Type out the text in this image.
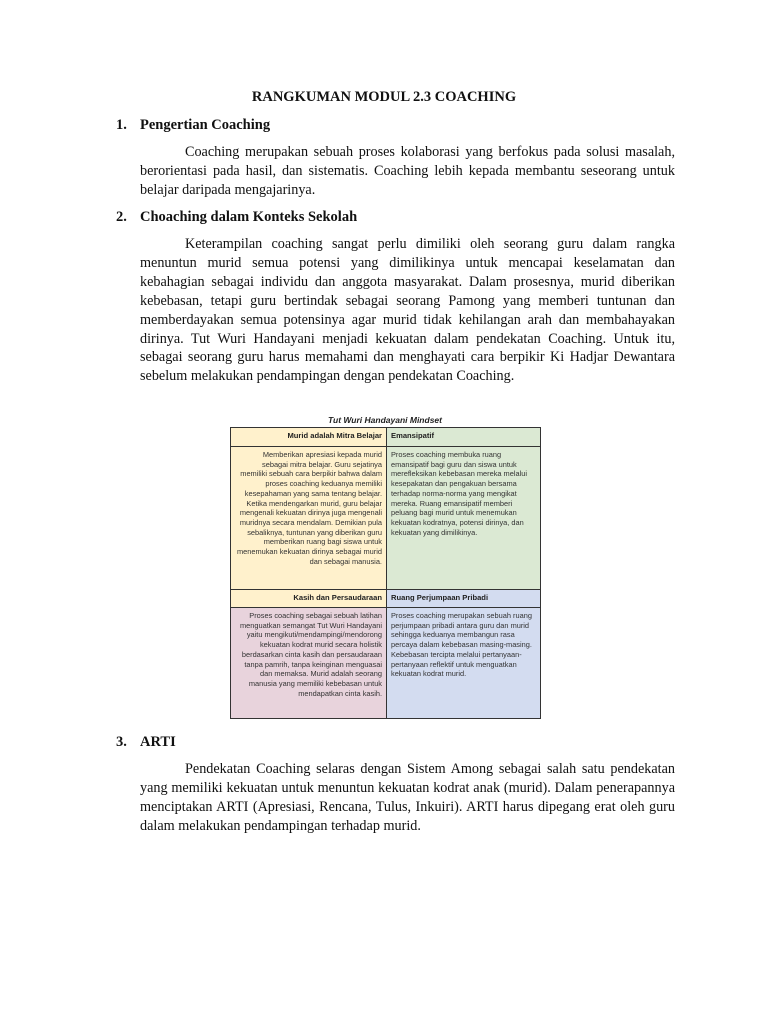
RANGKUMAN MODUL 2.3 COACHING
1. Pengertian Coaching
Coaching merupakan sebuah proses kolaborasi yang berfokus pada solusi masalah, berorientasi pada hasil, dan sistematis. Coaching lebih kepada membantu seseorang untuk belajar daripada mengajarinya.
2. Choaching dalam Konteks Sekolah
Keterampilan coaching sangat perlu dimiliki oleh seorang guru dalam rangka menuntun murid semua potensi yang dimilikinya untuk mencapai keselamatan dan kebahagian sebagai individu dan anggota masyarakat. Dalam prosesnya, murid diberikan kebebasan, tetapi guru bertindak sebagai seorang Pamong yang memberi tuntunan dan memberdayakan semua potensinya agar murid tidak kehilangan arah dan membahayakan dirinya. Tut Wuri Handayani menjadi kekuatan dalam pendekatan Coaching. Untuk itu, sebagai seorang guru harus memahami dan menghayati cara berpikir Ki Hadjar Dewantara sebelum melakukan pendampingan dengan pendekatan Coaching.
Tut Wuri Handayani Mindset
Murid adalah Mitra Belajar	Emansipatif
Memberikan apresiasi kepada murid sebagai mitra belajar. Guru sejatinya memiliki sebuah cara berpikir bahwa dalam proses coaching keduanya memiliki kesepahaman yang sama tentang belajar. Ketika mendengarkan murid, guru belajar mengenali kekuatan dirinya juga mengenali muridnya secara mendalam. Demikian pula sebaliknya, tuntunan yang diberikan guru memberikan ruang bagi siswa untuk menemukan kekuatan dirinya sebagai murid dan sebagai manusia.
Proses coaching membuka ruang emansipatif bagi guru dan siswa untuk merefleksikan kebebasan mereka melalui kesepakatan dan pengakuan bersama terhadap norma-norma yang mengikat mereka. Ruang emansipatif memberi peluang bagi murid untuk menemukan kekuatan kodratnya, potensi dirinya, dan kekuatan yang dimilikinya.
Kasih dan Persaudaraan	Ruang Perjumpaan Pribadi
Proses coaching sebagai sebuah latihan menguatkan semangat Tut Wuri Handayani yaitu mengikuti/mendampingi/mendorong kekuatan kodrat murid secara holistik berdasarkan cinta kasih dan persaudaraan tanpa pamrih, tanpa keinginan menguasai dan memaksa. Murid adalah seorang manusia yang memiliki kebebasan untuk mendapatkan cinta kasih.
Proses coaching merupakan sebuah ruang perjumpaan pribadi antara guru dan murid sehingga keduanya membangun rasa percaya dalam kebebasan masing-masing. Kebebasan tercipta melalui pertanyaan-pertanyaan reflektif untuk menguatkan kekuatan kodrat murid.
3. ARTI
Pendekatan Coaching selaras dengan Sistem Among sebagai salah satu pendekatan yang memiliki kekuatan untuk menuntun kekuatan kodrat anak (murid). Dalam penerapannya menciptakan ARTI (Apresiasi, Rencana, Tulus, Inkuiri). ARTI harus dipegang erat oleh guru dalam melakukan pendampingan terhadap murid.
